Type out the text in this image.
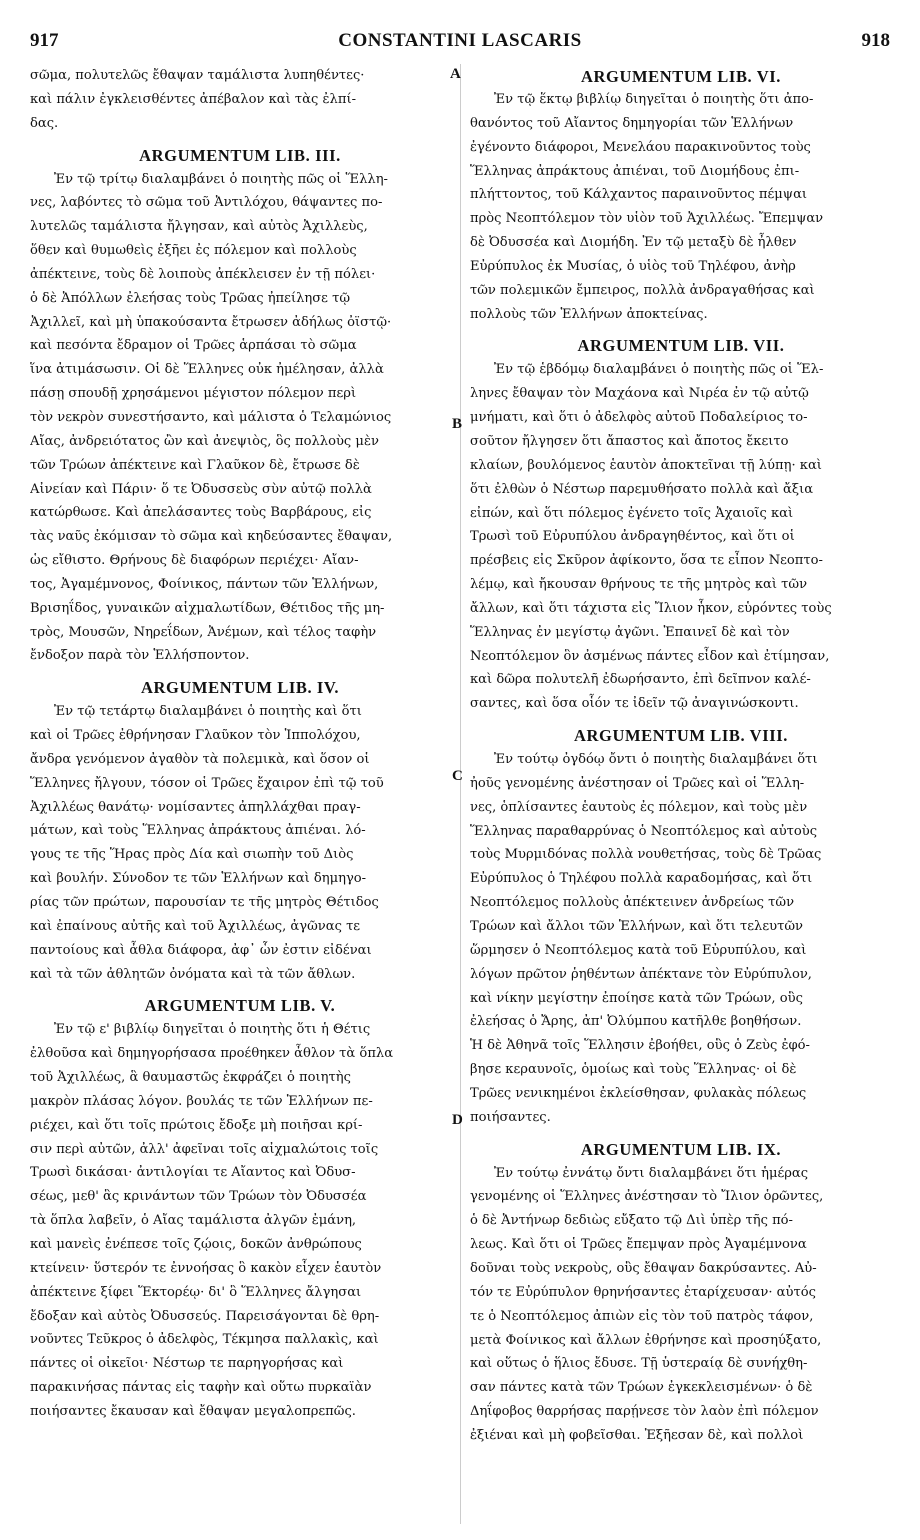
917	CONSTANTINI LASCARIS	918

σῶμα, πολυτελῶς ἔθαψαν ταμάλιστα λυπηθέντες·
καὶ πάλιν ἐγκλεισθέντες ἀπέβαλον καὶ τὰς ἐλπί-
δας.

ARGUMENTUM LIB. III.

Ἐν τῷ τρίτῳ διαλαμβάνει ὁ ποιητὴς πῶς οἱ Ἕλλη-
νες, λαβόντες τὸ σῶμα τοῦ Ἀντιλόχου, θάψαντες πο-
λυτελῶς ταμάλιστα ἤλγησαν, καὶ αὐτὸς Ἀχιλλεὺς,
ὅθεν καὶ θυμωθεὶς ἐξῆει ἐς πόλεμον καὶ πολλοὺς
ἀπέκτεινε, τοὺς δὲ λοιποὺς ἀπέκλεισεν ἐν τῇ πόλει·
ὁ δὲ Ἀπόλλων ἐλεήσας τοὺς Τρῶας ἠπείλησε τῷ
Ἀχιλλεῖ, καὶ μὴ ὑπακούσαντα ἔτρωσεν ἀδήλως ὀϊστῷ·
καὶ πεσόντα ἔδραμον οἱ Τρῶες ἁρπάσαι τὸ σῶμα
ἵνα ἀτιμάσωσιν. Οἱ δὲ Ἕλληνες οὐκ ἠμέλησαν, ἀλλὰ
πάσῃ σπουδῇ χρησάμενοι μέγιστον πόλεμον περὶ
τὸν νεκρὸν συνεστήσαντο, καὶ μάλιστα ὁ Τελαμώνιος
Αἴας, ἀνδρειότατος ὢν καὶ ἀνεψιὸς, ὃς πολλοὺς μὲν
τῶν Τρώων ἀπέκτεινε καὶ Γλαῦκον δὲ, ἔτρωσε δὲ
Αἰνείαν καὶ Πάριν· ὅ τε Ὀδυσσεὺς σὺν αὐτῷ πολλὰ
κατώρθωσε. Καὶ ἀπελάσαντες τοὺς Βαρβάρους, εἰς
τὰς ναῦς ἐκόμισαν τὸ σῶμα καὶ κηδεύσαντες ἔθαψαν,
ὡς εἴθιστο. Θρήνους δὲ διαφόρων περιέχει· Αἴαν-
τος, Ἀγαμέμνονος, Φοίνικος, πάντων τῶν Ἑλλήνων,
Βρισηΐδος, γυναικῶν αἰχμαλωτίδων, Θέτιδος τῆς μη-
τρὸς, Μουσῶν, Νηρεΐδων, Ἀνέμων, καὶ τέλος ταφὴν
ἔνδοξον παρὰ τὸν Ἑλλήσποντον.

ARGUMENTUM LIB. IV.

Ἐν τῷ τετάρτῳ διαλαμβάνει ὁ ποιητὴς καὶ ὅτι
καὶ οἱ Τρῶες ἐθρήνησαν Γλαῦκον τὸν Ἱππολόχου,
ἄνδρα γενόμενον ἀγαθὸν τὰ πολεμικὰ, καὶ ὅσον οἱ
Ἕλληνες ἤλγουν, τόσον οἱ Τρῶες ἔχαιρον ἐπὶ τῷ τοῦ
Ἀχιλλέως θανάτῳ· νομίσαντες ἀπηλλάχθαι πραγ-
μάτων, καὶ τοὺς Ἕλληνας ἀπράκτους ἀπιέναι. λό-
γους τε τῆς Ἥρας πρὸς Δία καὶ σιωπὴν τοῦ Διὸς
καὶ βουλήν. Σύνοδον τε τῶν Ἑλλήνων καὶ δημηγο-
ρίας τῶν πρώτων, παρουσίαν τε τῆς μητρὸς Θέτιδος
καὶ ἐπαίνους αὐτῆς καὶ τοῦ Ἀχιλλέως, ἀγῶνας τε
παντοίους καὶ ἆθλα διάφορα, ἀφ᾽ ὧν ἐστιν εἰδέναι
καὶ τὰ τῶν ἀθλητῶν ὀνόματα καὶ τὰ τῶν ἄθλων.

ARGUMENTUM LIB. V.

Ἐν τῷ ε' βιβλίῳ διηγεῖται ὁ ποιητὴς ὅτι ἡ Θέτις
ἐλθοῦσα καὶ δημηγορήσασα προέθηκεν ἆθλον τὰ ὅπλα
τοῦ Ἀχιλλέως, ἃ θαυμαστῶς ἐκφράζει ὁ ποιητὴς
μακρὸν πλάσας λόγον. βουλάς τε τῶν Ἑλλήνων πε-
ριέχει, καὶ ὅτι τοῖς πρώτοις ἔδοξε μὴ ποιῆσαι κρί-
σιν περὶ αὐτῶν, ἀλλ' ἀφεῖναι τοῖς αἰχμαλώτοις τοῖς
Τρωσὶ δικάσαι· ἀντιλογίαι τε Αἴαντος καὶ Ὀδυσ-
σέως, μεθ' ἃς κρινάντων τῶν Τρώων τὸν Ὀδυσσέα
τὰ ὅπλα λαβεῖν, ὁ Αἴας ταμάλιστα ἀλγῶν ἐμάνη,
καὶ μανεὶς ἐνέπεσε τοῖς ζῴοις, δοκῶν ἀνθρώπους
κτείνειν· ὕστερόν τε ἐννοήσας ὃ κακὸν εἶχεν ἑαυτὸν
ἀπέκτεινε ξίφει Ἕκτορέῳ· δι' ὃ Ἕλληνες ἄλγησαι
ἔδοξαν καὶ αὐτὸς Ὀδυσσεύς. Παρεισάγονται δὲ θρη-
νοῦντες Τεῦκρος ὁ ἀδελφὸς, Τέκμησα παλλακὶς, καὶ
πάντες οἱ οἰκεῖοι· Νέστωρ τε παρηγορήσας καὶ
παρακινήσας πάντας εἰς ταφὴν καὶ οὕτω πυρκαϊὰν
ποιήσαντες ἔκαυσαν καὶ ἔθαψαν μεγαλοπρεπῶς.

ARGUMENTUM LIB. VI.

Ἐν τῷ ἕκτῳ βιβλίῳ διηγεῖται ὁ ποιητὴς ὅτι ἀπο-
θανόντος τοῦ Αἴαντος δημηγορίαι τῶν Ἑλλήνων
ἐγένοντο διάφοροι, Μενελάου παρακινοῦντος τοὺς
Ἕλληνας ἀπράκτους ἀπιέναι, τοῦ Διομήδους ἐπι-
πλήττοντος, τοῦ Κάλχαντος παραινοῦντος πέμψαι
πρὸς Νεοπτόλεμον τὸν υἱὸν τοῦ Ἀχιλλέως. Ἔπεμψαν
δὲ Ὀδυσσέα καὶ Διομήδη. Ἐν τῷ μεταξὺ δὲ ἦλθεν
Εὐρύπυλος ἐκ Μυσίας, ὁ υἱὸς τοῦ Τηλέφου, ἀνὴρ
τῶν πολεμικῶν ἔμπειρος, πολλὰ ἀνδραγαθήσας καὶ
πολλοὺς τῶν Ἑλλήνων ἀποκτείνας.

ARGUMENTUM LIB. VII.

Ἐν τῷ ἑβδόμῳ διαλαμβάνει ὁ ποιητὴς πῶς οἱ Ἕλ-
ληνες ἔθαψαν τὸν Μαχάονα καὶ Νιρέα ἐν τῷ αὐτῷ
μνήματι, καὶ ὅτι ὁ ἀδελφὸς αὐτοῦ Ποδαλείριος το-
σοῦτον ἤλγησεν ὅτι ἄπαστος καὶ ἄποτος ἔκειτο
κλαίων, βουλόμενος ἑαυτὸν ἀποκτεῖναι τῇ λύπῃ· καὶ
ὅτι ἐλθὼν ὁ Νέστωρ παρεμυθήσατο πολλὰ καὶ ἄξια
εἰπών, καὶ ὅτι πόλεμος ἐγένετο τοῖς Ἀχαιοῖς καὶ
Τρωσὶ τοῦ Εὐρυπύλου ἀνδραγηθέντος, καὶ ὅτι οἱ
πρέσβεις εἰς Σκῦρον ἀφίκοντο, ὅσα τε εἶπον Νεοπτο-
λέμῳ, καὶ ἤκουσαν θρήνους τε τῆς μητρὸς καὶ τῶν
ἄλλων, καὶ ὅτι τάχιστα εἰς Ἴλιον ἧκον, εὑρόντες τοὺς
Ἕλληνας ἐν μεγίστῳ ἀγῶνι. Ἐπαινεῖ δὲ καὶ τὸν
Νεοπτόλεμον ὃν ἀσμένως πάντες εἶδον καὶ ἐτίμησαν,
καὶ δῶρα πολυτελῆ ἐδωρήσαντο, ἐπὶ δεῖπνον καλέ-
σαντες, καὶ ὅσα οἷόν τε ἰδεῖν τῷ ἀναγινώσκοντι.

ARGUMENTUM LIB. VIII.

Ἐν τούτῳ ὀγδόῳ ὄντι ὁ ποιητὴς διαλαμβάνει ὅτι
ἠοῦς γενομένης ἀνέστησαν οἱ Τρῶες καὶ οἱ Ἕλλη-
νες, ὁπλίσαντες ἑαυτοὺς ἐς πόλεμον, καὶ τοὺς μὲν
Ἕλληνας παραθαρρύνας ὁ Νεοπτόλεμος καὶ αὐτοὺς
τοὺς Μυρμιδόνας πολλὰ νουθετήσας, τοὺς δὲ Τρῶας
Εὐρύπυλος ὁ Τηλέφου πολλὰ καραδομήσας, καὶ ὅτι
Νεοπτόλεμος πολλοὺς ἀπέκτεινεν ἀνδρείως τῶν
Τρώων καὶ ἄλλοι τῶν Ἑλλήνων, καὶ ὅτι τελευτῶν
ὥρμησεν ὁ Νεοπτόλεμος κατὰ τοῦ Εὐρυπύλου, καὶ
λόγων πρῶτον ῥηθέντων ἀπέκτανε τὸν Εὐρύπυλον,
καὶ νίκην μεγίστην ἐποίησε κατὰ τῶν Τρώων, οὓς
ἐλεήσας ὁ Ἄρης, ἀπ' Ὀλύμπου κατῆλθε βοηθήσων.
Ἡ δὲ Ἀθηνᾶ τοῖς Ἕλλησιν ἐβοήθει, οὓς ὁ Ζεὺς ἐφό-
βησε κεραυνοῖς, ὁμοίως καὶ τοὺς Ἕλληνας· οἱ δὲ
Τρῶες νενικημένοι ἐκλείσθησαν, φυλακὰς πόλεως
ποιήσαντες.

ARGUMENTUM LIB. IX.

Ἐν τούτῳ ἐννάτῳ ὄντι διαλαμβάνει ὅτι ἡμέρας
γενομένης οἱ Ἕλληνες ἀνέστησαν τὸ Ἴλιον ὁρῶντες,
ὁ δὲ Ἀντήνωρ δεδιὼς εὔξατο τῷ Διὶ ὑπὲρ τῆς πό-
λεως. Καὶ ὅτι οἱ Τρῶες ἔπεμψαν πρὸς Ἀγαμέμνονα
δοῦναι τοὺς νεκροὺς, οὓς ἔθαψαν δακρύσαντες. Αὐ-
τόν τε Εὐρύπυλον θρηνήσαντες ἐταρίχευσαν· αὐτός
τε ὁ Νεοπτόλεμος ἀπιὼν εἰς τὸν τοῦ πατρὸς τάφον,
μετὰ Φοίνικος καὶ ἄλλων ἐθρήνησε καὶ προσηύξατο,
καὶ οὕτως ὁ ἥλιος ἔδυσε. Τῇ ὑστεραίᾳ δὲ συνήχθη-
σαν πάντες κατὰ τῶν Τρώων ἐγκεκλεισμένων· ὁ δὲ
Δηΐφοβος θαρρήσας παρῄνεσε τὸν λαὸν ἐπὶ πόλεμον
ἐξιέναι καὶ μὴ φοβεῖσθαι. Ἐξῆεσαν δὲ, καὶ πολλοὶ

A
B
C
D
